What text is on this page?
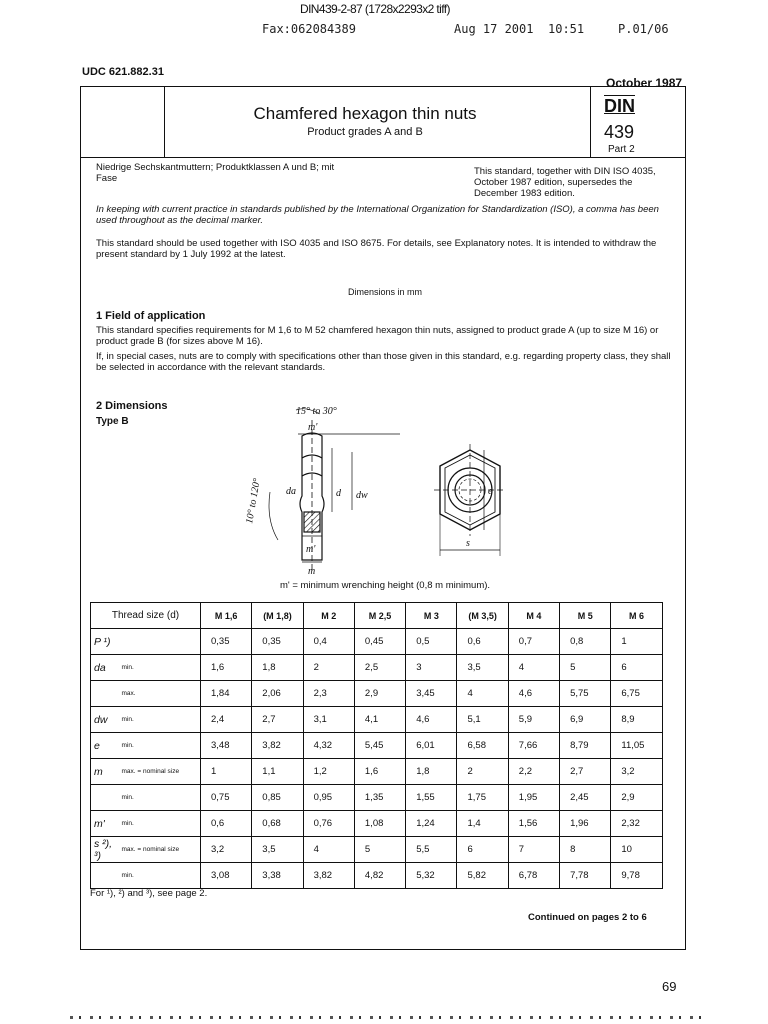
DIN439-2-87 (1728x2293x2 tiff)
Fax:062084389	Aug 17 2001 10:51	P.01/06
UDC 621.882.31
October 1987
Chamfered hexagon thin nuts
Product grades A and B
DIN
439
Part 2
Niedrige Sechskantmuttern; Produktklassen A und B; mit Fase
This standard, together with DIN ISO 4035, October 1987 edition, supersedes the December 1983 edition.
In keeping with current practice in standards published by the International Organization for Standardization (ISO), a comma has been used throughout as the decimal marker.
This standard should be used together with ISO 4035 and ISO 8675. For details, see Explanatory notes. It is intended to withdraw the present standard by 1 July 1992 at the latest.
Dimensions in mm
1 Field of application
This standard specifies requirements for M 1,6 to M 52 chamfered hexagon thin nuts, assigned to product grade A (up to size M 16) or product grade B (for sizes above M 16).
If, in special cases, nuts are to comply with specifications other than those given in this standard, e.g. regarding property class, they shall be selected in accordance with the relevant standards.
2 Dimensions
Type B
15° to 30°
10° to 120°
m'
m'
m
da	d dw	e
s
m' = minimum wrenching height (0,8 m minimum).
Thread size (d)		M 1,6	(M 1,8)	M 2	M 2,5	M 3	(M 3,5)	M 4	M 5	M 6
P ¹)		0,35	0,35	0,4	0,45	0,5	0,6	0,7	0,8	1
da	min.	1,6	1,8	2	2,5	3	3,5	4	5	6
	max.	1,84	2,06	2,3	2,9	3,45	4	4,6	5,75	6,75
dw	min.	2,4	2,7	3,1	4,1	4,6	5,1	5,9	6,9	8,9
e	min.	3,48	3,82	4,32	5,45	6,01	6,58	7,66	8,79	11,05
m	max. = nominal size	1	1,1	1,2	1,6	1,8	2	2,2	2,7	3,2
	min.	0,75	0,85	0,95	1,35	1,55	1,75	1,95	2,45	2,9
m'	min.	0,6	0,68	0,76	1,08	1,24	1,4	1,56	1,96	2,32
s ²), ³)	max. = nominal size	3,2	3,5	4	5	5,5	6	7	8	10
	min.	3,08	3,38	3,82	4,82	5,32	5,82	6,78	7,78	9,78
For ¹), ²) and ³), see page 2.
Continued on pages 2 to 6
69
